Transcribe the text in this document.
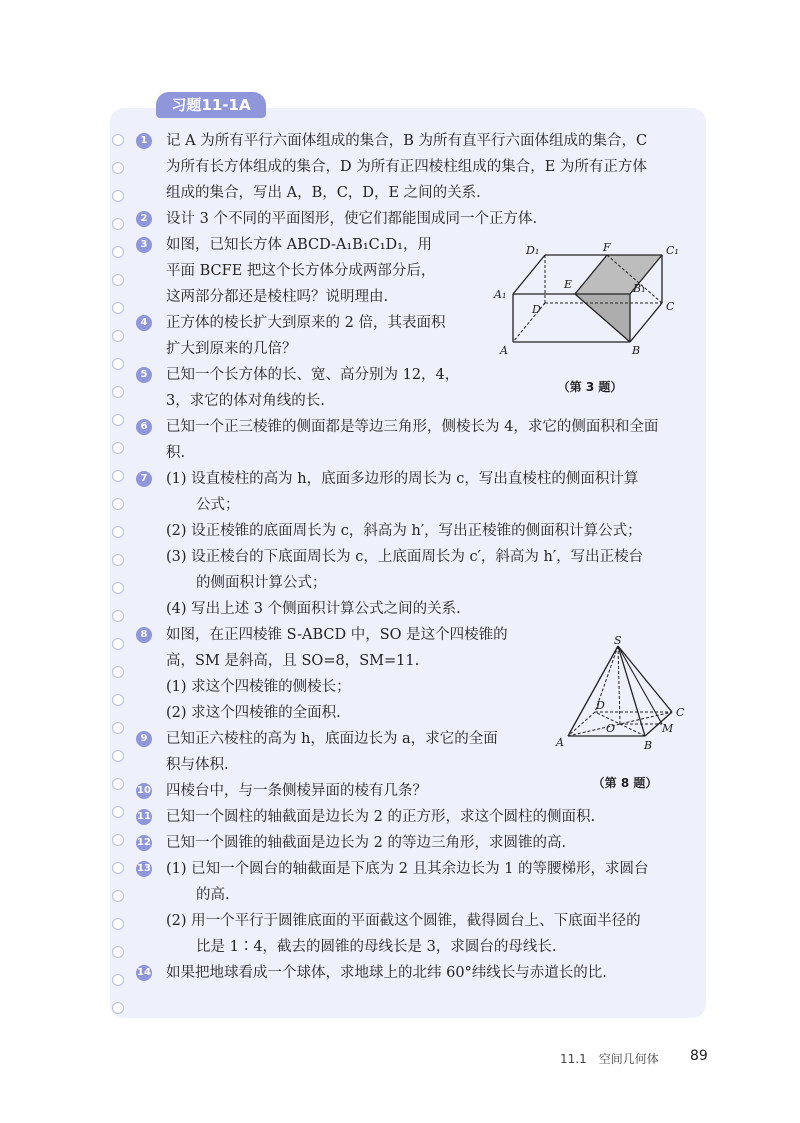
习题11-1A
1	记 A 为所有平行六面体组成的集合，B 为所有直平行六面体组成的集合，C
为所有长方体组成的集合，D 为所有正四棱柱组成的集合，E 为所有正方体
组成的集合，写出 A，B，C，D，E 之间的关系.
2	设计 3 个不同的平面图形，使它们都能围成同一个正方体.
3	如图，已知长方体 ABCD-A₁B₁C₁D₁，用
平面 BCFE 把这个长方体分成两部分后，
这两部分都还是棱柱吗？说明理由.
4	正方体的棱长扩大到原来的 2 倍，其表面积
扩大到原来的几倍？
5	已知一个长方体的长、宽、高分别为 12，4，
3，求它的体对角线的长.
6	已知一个正三棱锥的侧面都是等边三角形，侧棱长为 4，求它的侧面积和全面
积.
7	(1) 设直棱柱的高为 h，底面多边形的周长为 c，写出直棱柱的侧面积计算
公式；
(2) 设正棱锥的底面周长为 c，斜高为 h′，写出正棱锥的侧面积计算公式；
(3) 设正棱台的下底面周长为 c，上底面周长为 c′，斜高为 h′，写出正棱台
的侧面积计算公式；
(4) 写出上述 3 个侧面积计算公式之间的关系.
8	如图，在正四棱锥 S-ABCD 中，SO 是这个四棱锥的
高，SM 是斜高，且 SO=8，SM=11.
(1) 求这个四棱锥的侧棱长；
(2) 求这个四棱锥的全面积.
9	已知正六棱柱的高为 h，底面边长为 a，求它的全面
积与体积.
10 四棱台中，与一条侧棱异面的棱有几条？
11 已知一个圆柱的轴截面是边长为 2 的正方形，求这个圆柱的侧面积.
12 已知一个圆锥的轴截面是边长为 2 的等边三角形，求圆锥的高.
13 (1) 已知一个圆台的轴截面是下底为 2 且其余边长为 1 的等腰梯形，求圆台
的高.
(2) 用一个平行于圆锥底面的平面截这个圆锥，截得圆台上、下底面半径的
比是 1∶4，截去的圆锥的母线长是 3，求圆台的母线长.
14 如果把地球看成一个球体，求地球上的北纬 60°纬线长与赤道长的比.
D₁	F	C₁
A₁
E	B₁
D	C
A	B
（第 3 题）
S
D
C
O	M
A	B
（第 8 题）
11.1　空间几何体 89
